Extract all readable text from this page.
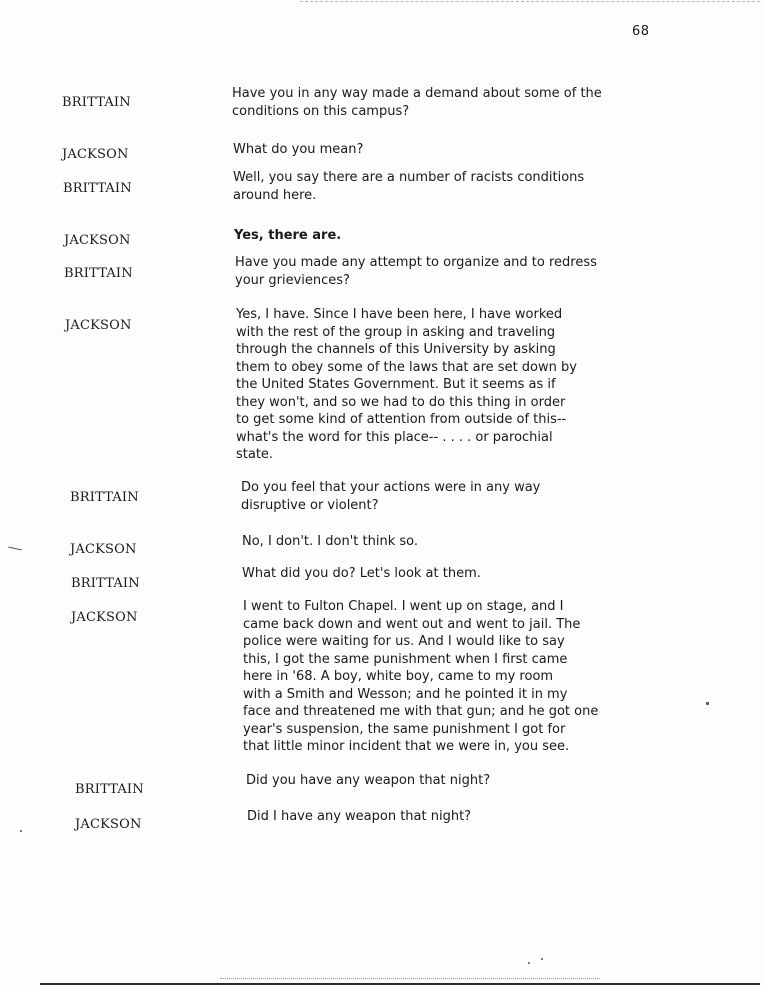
68
BRITTAIN
Have you in any way made a demand about some of the
conditions on this campus?
JACKSON	What do you mean?
BRITTAIN
Well, you say there are a number of racists conditions
around here.
JACKSON	Yes, there are.
BRITTAIN
Have you made any attempt to organize and to redress
your grieviences?
JACKSON
Yes, I have. Since I have been here, I have worked
with the rest of the group in asking and traveling
through the channels of this University by asking
them to obey some of the laws that are set down by
the United States Government. But it seems as if
they won't, and so we had to do this thing in order
to get some kind of attention from outside of this--
what's the word for this place-- . . . . or parochial
state.
BRITTAIN
Do you feel that your actions were in any way
disruptive or violent?
JACKSON
No, I don't. I don't think so.
BRITTAIN
What did you do? Let's look at them.
JACKSON
I went to Fulton Chapel. I went up on stage, and I
came back down and went out and went to jail. The
police were waiting for us. And I would like to say
this, I got the same punishment when I first came
here in '68. A boy, white boy, came to my room
with a Smith and Wesson; and he pointed it in my
face and threatened me with that gun; and he got one
year's suspension, the same punishment I got for
that little minor incident that we were in, you see.
BRITTAIN
Did you have any weapon that night?
JACKSON
Did I have any weapon that night?
